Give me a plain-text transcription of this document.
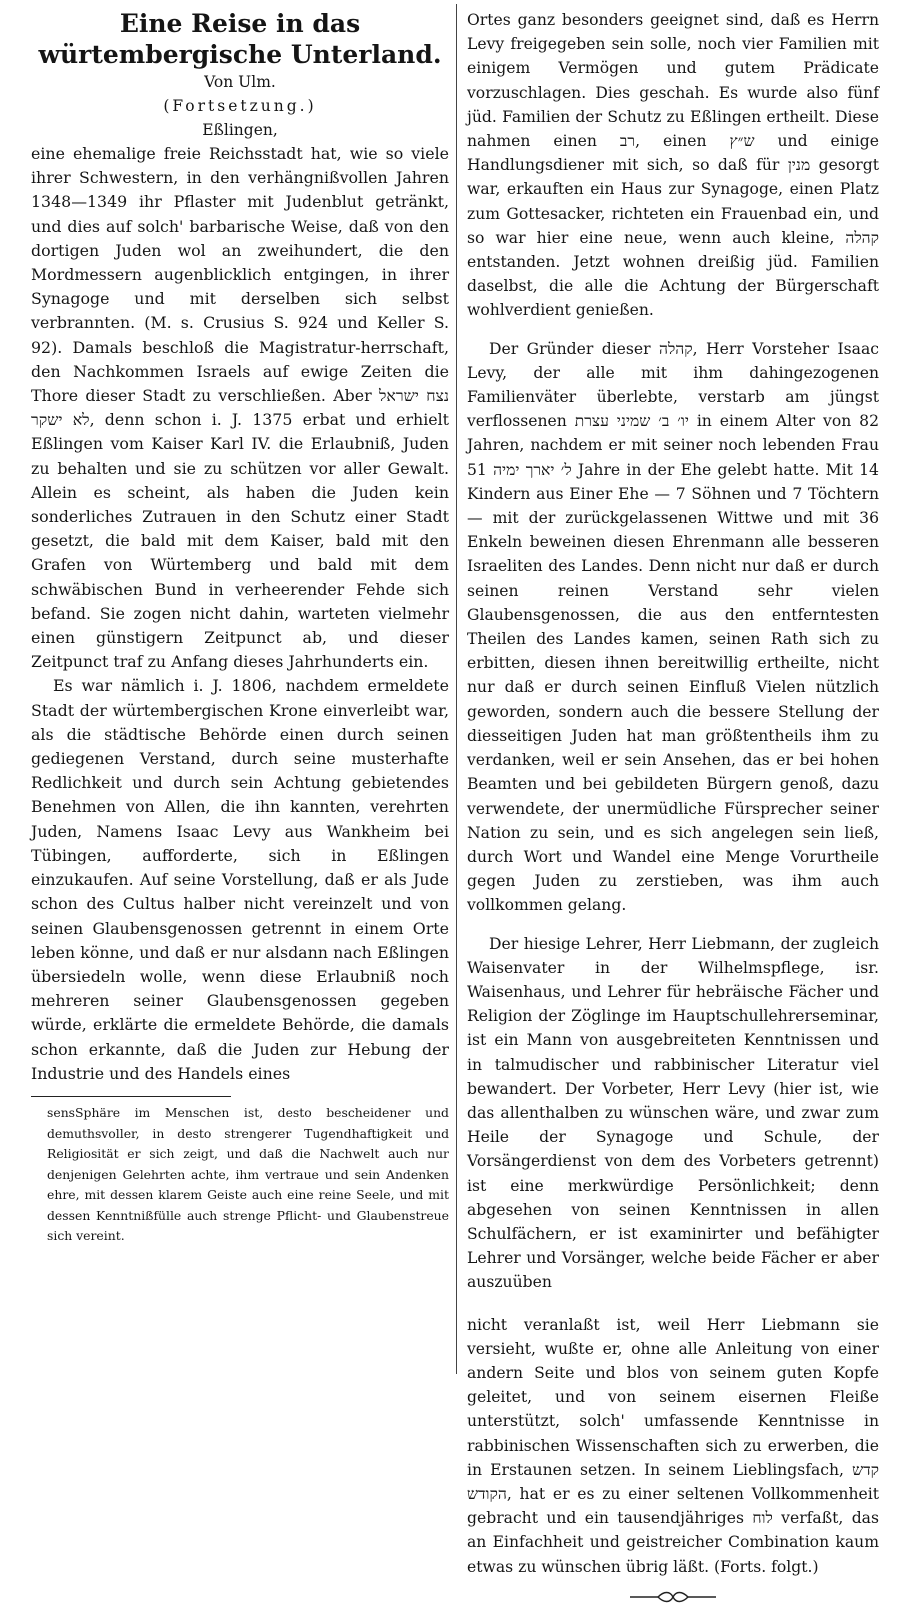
Eine Reise in das würtembergische Unterland.
Von Ulm.
(Fortsetzung.)
Eßlingen,

eine ehemalige freie Reichsstadt hat, wie so viele ihrer Schwestern, in den verhängnißvollen Jahren 1348—1349 ihr Pflaster mit Judenblut getränkt, und dies auf solch' barbarische Weise, daß von den dortigen Juden wol an zweihundert, die den Mordmessern augenblicklich entgingen, in ihrer Synagoge und mit derselben sich selbst verbrannten. (M. s. Crusius S. 924 und Keller S. 92). Damals beschloß die Magistratur-herrschaft, den Nachkommen Israels auf ewige Zeiten die Thore dieser Stadt zu verschließen. Aber נצח ישראל לא ישקר, denn schon i. J. 1375 erbat und erhielt Eßlingen vom Kaiser Karl IV. die Erlaubniß, Juden zu behalten und sie zu schützen vor aller Gewalt. Allein es scheint, als haben die Juden kein sonderliches Zutrauen in den Schutz einer Stadt gesetzt, die bald mit dem Kaiser, bald mit den Grafen von Würtemberg und bald mit dem schwäbischen Bund in verheerender Fehde sich befand. Sie zogen nicht dahin, warteten vielmehr einen günstigern Zeitpunct ab, und dieser Zeitpunct traf zu Anfang dieses Jahrhunderts ein.

Es war nämlich i. J. 1806, nachdem ermeldete Stadt der würtembergischen Krone einverleibt war, als die städtische Behörde einen durch seinen gediegenen Verstand, durch seine musterhafte Redlichkeit und durch sein Achtung gebietendes Benehmen von Allen, die ihn kannten, verehrten Juden, Namens Isaac Levy aus Wankheim bei Tübingen, aufforderte, sich in Eßlingen einzukaufen. Auf seine Vorstellung, daß er als Jude schon des Cultus halber nicht vereinzelt und von seinen Glaubensgenossen getrennt in einem Orte leben könne, und daß er nur alsdann nach Eßlingen übersiedeln wolle, wenn diese Erlaubniß noch mehreren seiner Glaubensgenossen gegeben würde, erklärte die ermeldete Behörde, die damals schon erkannte, daß die Juden zur Hebung der Industrie und des Handels eines

sensSphäre im Menschen ist, desto bescheidener und demuthsvoller, in desto strengerer Tugendhaftigkeit und Religiosität er sich zeigt, und daß die Nachwelt auch nur denjenigen Gelehrten achte, ihm vertraue und sein Andenken ehre, mit dessen klarem Geiste auch eine reine Seele, und mit dessen Kenntnißfülle auch strenge Pflicht- und Glaubenstreue sich vereint.

Ortes ganz besonders geeignet sind, daß es Herrn Levy freigegeben sein solle, noch vier Familien mit einigem Vermögen und gutem Prädicate vorzuschlagen. Dies geschah. Es wurde also fünf jüd. Familien der Schutz zu Eßlingen ertheilt. Diese nahmen einen רב, einen ש״ץ und einige Handlungsdiener mit sich, so daß für מנין gesorgt war, erkauften ein Haus zur Synagoge, einen Platz zum Gottesacker, richteten ein Frauenbad ein, und so war hier eine neue, wenn auch kleine, קהלה entstanden. Jetzt wohnen dreißig jüd. Familien daselbst, die alle die Achtung der Bürgerschaft wohlverdient genießen.

Der Gründer dieser קהלה, Herr Vorsteher Isaac Levy, der alle mit ihm dahingezogenen Familienväter überlebte, verstarb am jüngst verflossenen יו׳ ב׳ שמיני עצרת in einem Alter von 82 Jahren, nachdem er mit seiner noch lebenden Frau ל׳ יארך ימיה 51 Jahre in der Ehe gelebt hatte. Mit 14 Kindern aus Einer Ehe — 7 Söhnen und 7 Töchtern — mit der zurückgelassenen Wittwe und mit 36 Enkeln beweinen diesen Ehrenmann alle besseren Israeliten des Landes. Denn nicht nur daß er durch seinen reinen Verstand sehr vielen Glaubensgenossen, die aus den entferntesten Theilen des Landes kamen, seinen Rath sich zu erbitten, diesen ihnen bereitwillig ertheilte, nicht nur daß er durch seinen Einfluß Vielen nützlich geworden, sondern auch die bessere Stellung der diesseitigen Juden hat man größtentheils ihm zu verdanken, weil er sein Ansehen, das er bei hohen Beamten und bei gebildeten Bürgern genoß, dazu verwendete, der unermüdliche Fürsprecher seiner Nation zu sein, und es sich angelegen sein ließ, durch Wort und Wandel eine Menge Vorurtheile gegen Juden zu zerstieben, was ihm auch vollkommen gelang.

Der hiesige Lehrer, Herr Liebmann, der zugleich Waisenvater in der Wilhelmspflege, isr. Waisenhaus, und Lehrer für hebräische Fächer und Religion der Zöglinge im Hauptschullehrerseminar, ist ein Mann von ausgebreiteten Kenntnissen und in talmudischer und rabbinischer Literatur viel bewandert. Der Vorbeter, Herr Levy (hier ist, wie das allenthalben zu wünschen wäre, und zwar zum Heile der Synagoge und Schule, der Vorsängerdienst von dem des Vorbeters getrennt) ist eine merkwürdige Persönlichkeit; denn abgesehen von seinen Kenntnissen in allen Schulfächern, er ist examinirter und befähigter Lehrer und Vorsänger, welche beide Fächer er aber auszuüben

nicht veranlaßt ist, weil Herr Liebmann sie versieht, wußte er, ohne alle Anleitung von einer andern Seite und blos von seinem guten Kopfe geleitet, und von seinem eisernen Fleiße unterstützt, solch' umfassende Kenntnisse in rabbinischen Wissenschaften sich zu erwerben, die in Erstaunen setzen. In seinem Lieblingsfach, קדש הקודש, hat er es zu einer seltenen Vollkommenheit gebracht und ein tausendjähriges לוח verfaßt, das an Einfachheit und geistreicher Combination kaum etwas zu wünschen übrig läßt. (Forts. folgt.)
